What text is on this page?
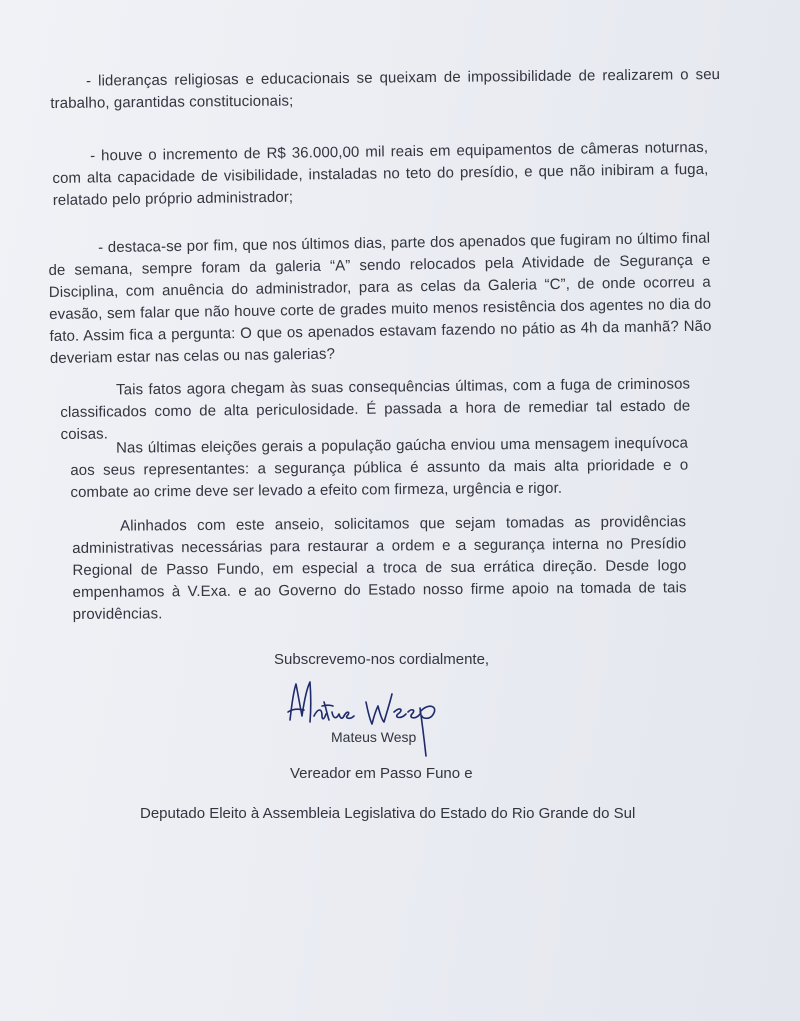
- lideranças religiosas e educacionais se queixam de impossibilidade de realizarem o seu trabalho, garantidas constitucionais;

- houve o incremento de R$ 36.000,00 mil reais em equipamentos de câmeras noturnas, com alta capacidade de visibilidade, instaladas no teto do presídio, e que não inibiram a fuga, relatado pelo próprio administrador;

- destaca-se por fim, que nos últimos dias, parte dos apenados que fugiram no último final de semana, sempre foram da galeria “A” sendo relocados pela Atividade de Segurança e Disciplina, com anuência do administrador, para as celas da Galeria “C”, de onde ocorreu a evasão, sem falar que não houve corte de grades muito menos resistência dos agentes no dia do fato. Assim fica a pergunta: O que os apenados estavam fazendo no pátio as 4h da manhã? Não deveriam estar nas celas ou nas galerias?

Tais fatos agora chegam às suas consequências últimas, com a fuga de criminosos classificados como de alta periculosidade. É passada a hora de remediar tal estado de coisas.

Nas últimas eleições gerais a população gaúcha enviou uma mensagem inequívoca aos seus representantes: a segurança pública é assunto da mais alta prioridade e o combate ao crime deve ser levado a efeito com firmeza, urgência e rigor.

Alinhados com este anseio, solicitamos que sejam tomadas as providências administrativas necessárias para restaurar a ordem e a segurança interna no Presídio Regional de Passo Fundo, em especial a troca de sua errática direção. Desde logo empenhamos à V.Exa. e ao Governo do Estado nosso firme apoio na tomada de tais providências.

Subscrevemo-nos cordialmente,
Mateus Wesp
Vereador em Passo Funo e
Deputado Eleito à Assembleia Legislativa do Estado do Rio Grande do Sul
